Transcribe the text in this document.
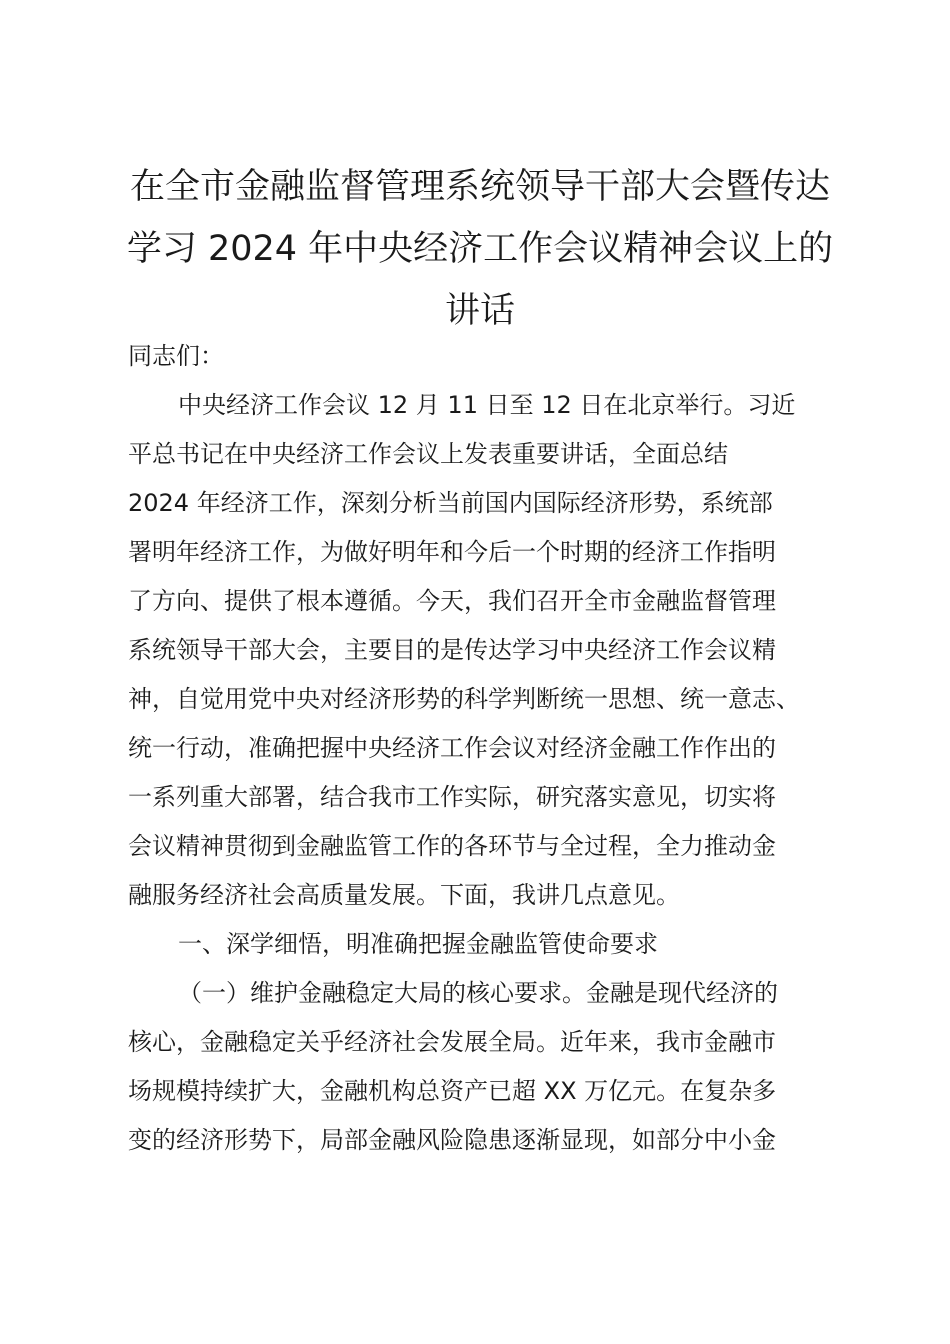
在全市金融监督管理系统领导干部大会暨传达
学习 2024 年中央经济工作会议精神会议上的
讲话
同志们：
中央经济工作会议 12 月 11 日至 12 日在北京举行。习近
平总书记在中央经济工作会议上发表重要讲话，全面总结
2024 年经济工作，深刻分析当前国内国际经济形势，系统部
署明年经济工作，为做好明年和今后一个时期的经济工作指明
了方向、提供了根本遵循。今天，我们召开全市金融监督管理
系统领导干部大会，主要目的是传达学习中央经济工作会议精
神，自觉用党中央对经济形势的科学判断统一思想、统一意志、
统一行动，准确把握中央经济工作会议对经济金融工作作出的
一系列重大部署，结合我市工作实际，研究落实意见，切实将
会议精神贯彻到金融监管工作的各环节与全过程，全力推动金
融服务经济社会高质量发展。下面，我讲几点意见。
一、深学细悟，明准确把握金融监管使命要求
（一）维护金融稳定大局的核心要求。金融是现代经济的
核心，金融稳定关乎经济社会发展全局。近年来，我市金融市
场规模持续扩大，金融机构总资产已超 XX 万亿元。在复杂多
变的经济形势下，局部金融风险隐患逐渐显现，如部分中小金
